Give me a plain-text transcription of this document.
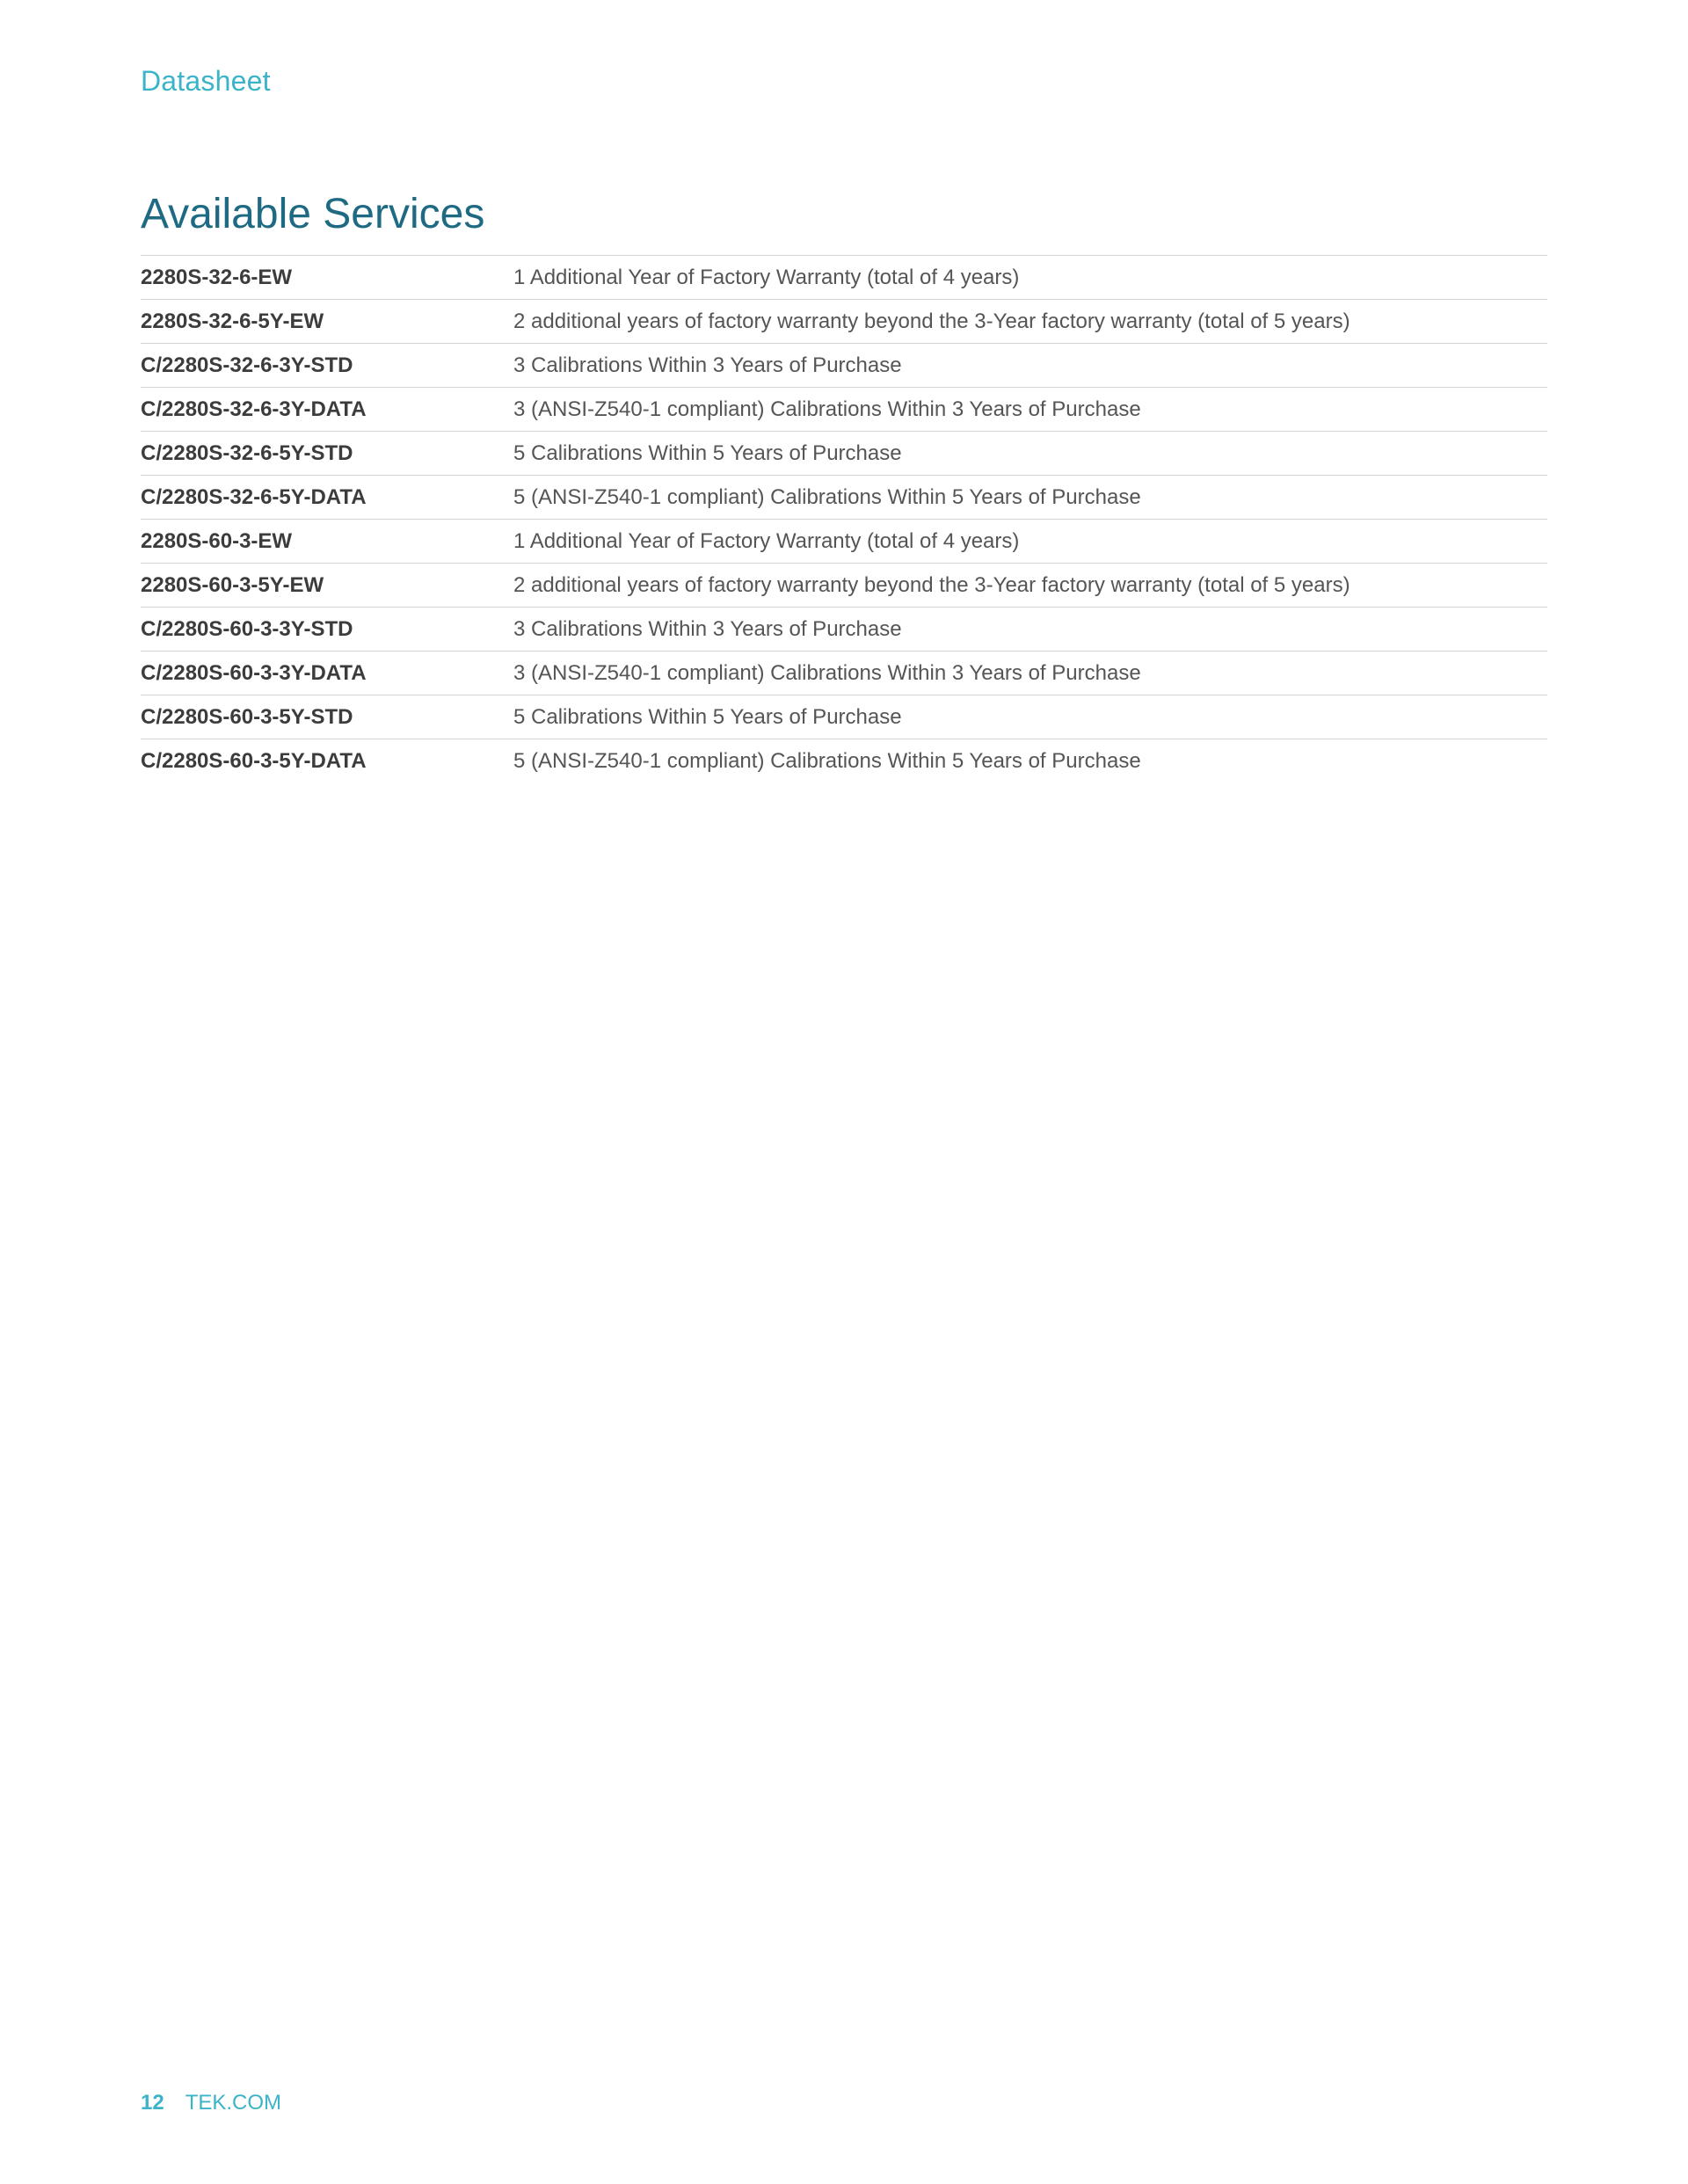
Datasheet
Available Services
2280S-32-6-EW	1 Additional Year of Factory Warranty (total of 4 years)
2280S-32-6-5Y-EW	2 additional years of factory warranty beyond the 3-Year factory warranty (total of 5 years)
C/2280S-32-6-3Y-STD	3 Calibrations Within 3 Years of Purchase
C/2280S-32-6-3Y-DATA	3 (ANSI-Z540-1 compliant) Calibrations Within 3 Years of Purchase
C/2280S-32-6-5Y-STD	5 Calibrations Within 5 Years of Purchase
C/2280S-32-6-5Y-DATA	5 (ANSI-Z540-1 compliant) Calibrations Within 5 Years of Purchase
2280S-60-3-EW	1 Additional Year of Factory Warranty (total of 4 years)
2280S-60-3-5Y-EW	2 additional years of factory warranty beyond the 3-Year factory warranty (total of 5 years)
C/2280S-60-3-3Y-STD	3 Calibrations Within 3 Years of Purchase
C/2280S-60-3-3Y-DATA	3 (ANSI-Z540-1 compliant) Calibrations Within 3 Years of Purchase
C/2280S-60-3-5Y-STD	5 Calibrations Within 5 Years of Purchase
C/2280S-60-3-5Y-DATA	5 (ANSI-Z540-1 compliant) Calibrations Within 5 Years of Purchase
12 TEK.COM
